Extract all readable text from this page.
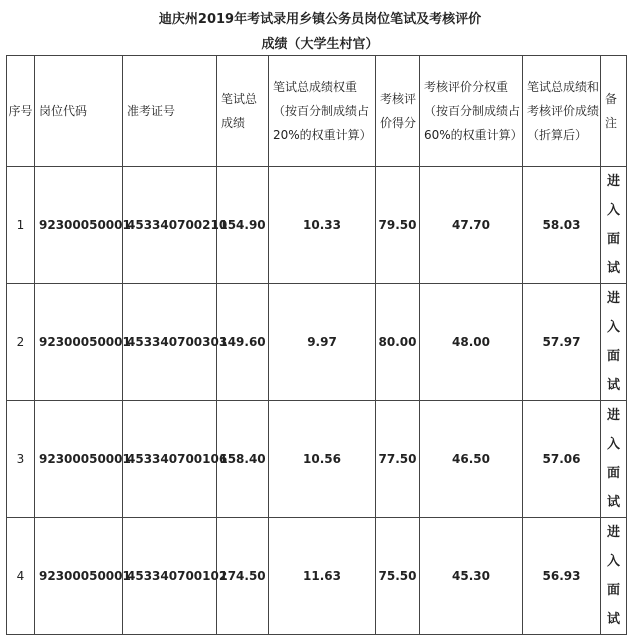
迪庆州2019年考试录用乡镇公务员岗位笔试及考核评价
成绩（大学生村官）
序号	岗位代码	准考证号	笔试总成绩	笔试总成绩权重（按百分制成绩占20%的权重计算）	考核评价得分	考核评价分权重（按百分制成绩占60%的权重计算）	笔试总成绩和考核评价成绩（折算后）	备注
1	92300050001	453340700210	154.90	10.33	79.50	47.70	58.03	进入面试
2	92300050001	453340700303	149.60	9.97	80.00	48.00	57.97	进入面试
3	92300050001	453340700106	158.40	10.56	77.50	46.50	57.06	进入面试
4	92300050001	453340700102	174.50	11.63	75.50	45.30	56.93	进入面试
